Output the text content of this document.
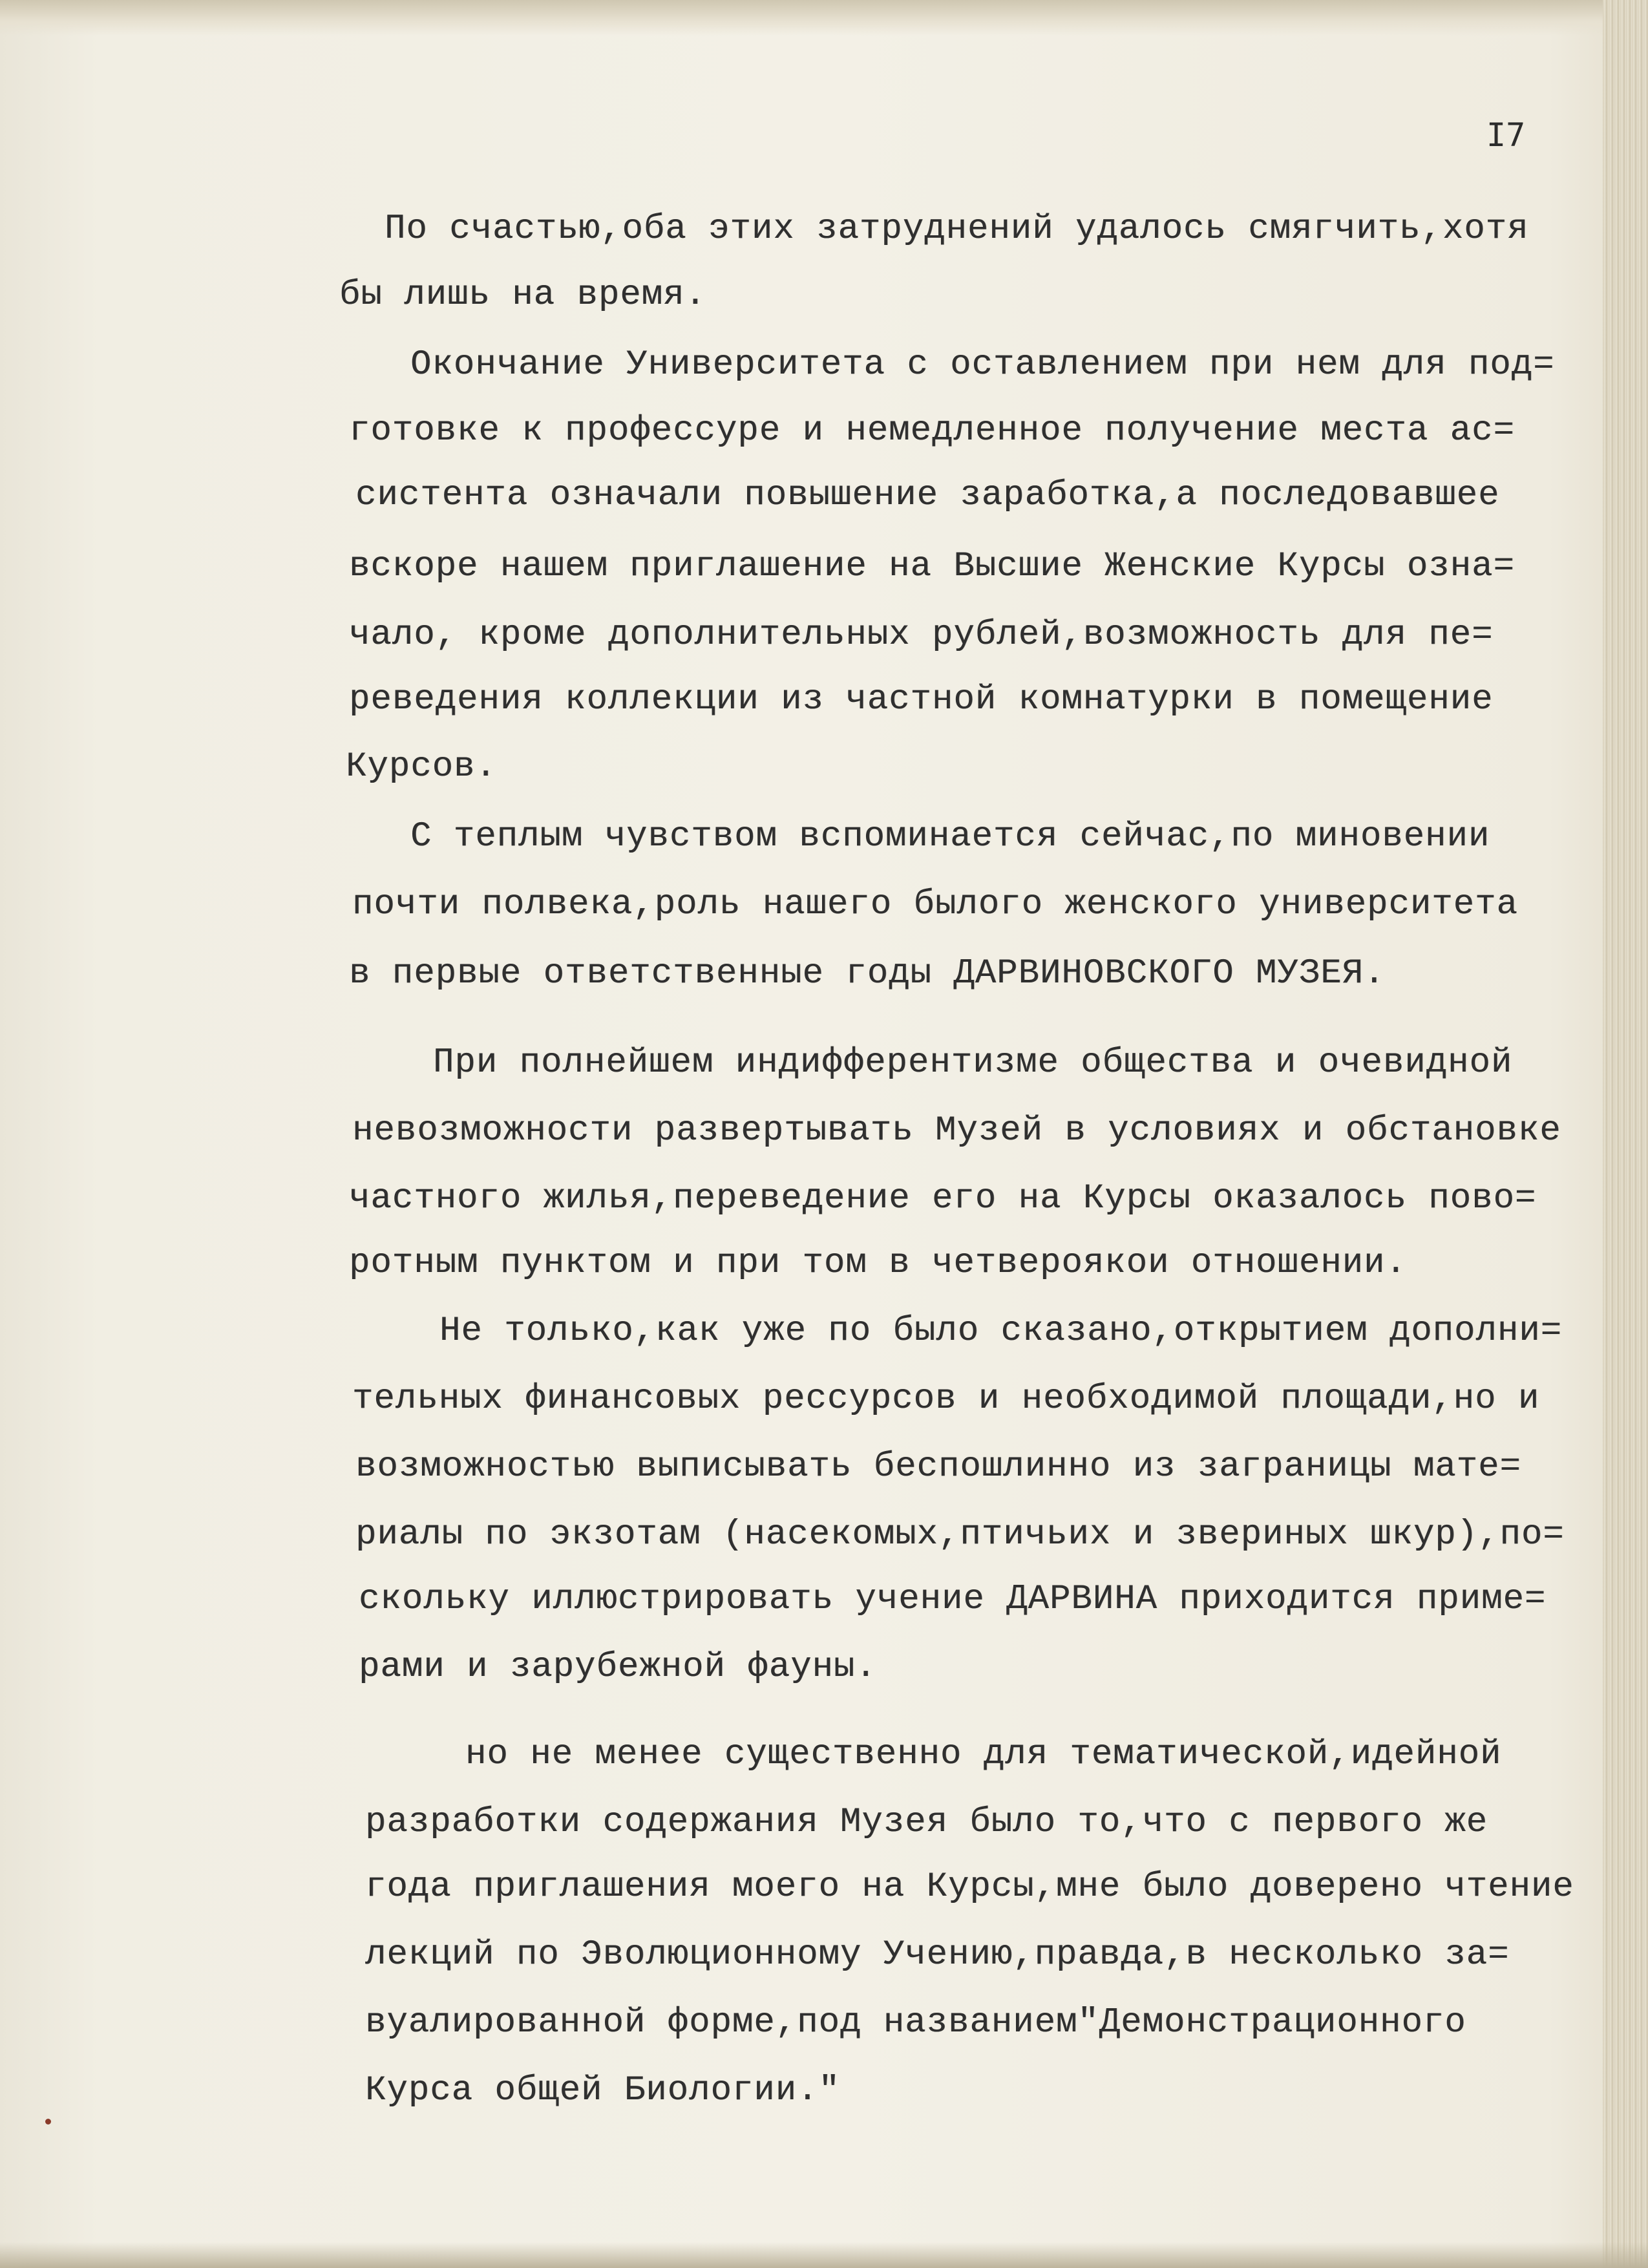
I7
По счастью,оба этих затруднений удалось смягчить,хотя
бы лишь на время.
Окончание Университета с оставлением при нем для под=
готовке к профессуре и немедленное получение места ас=
систента означали повышение заработка,а последовавшее
вскоре нашем приглашение на Высшие Женские Курсы озна=
чало, кроме дополнительных рублей,возможность для пе=
реведения коллекции из частной комнатурки в помещение
Курсов.
С теплым чувством вспоминается сейчас,по миновении
почти полвека,роль нашего былого женского университета
в первые ответственные годы ДАРВИНОВСКОГО МУЗЕЯ.
При полнейшем индифферентизме общества и очевидной
невозможности развертывать Музей в условиях и обстановке
частного жилья,переведение его на Курсы оказалось пово=
ротным пунктом и при том в четвероякои отношении.
Не только,как уже по было сказано,открытием дополни=
тельных финансовых рессурсов и необходимой площади,но и
возможностью выписывать беспошлинно из заграницы мате=
риалы по экзотам (насекомых,птичьих и звериных шкур),по=
скольку иллюстрировать учение ДАРВИНА приходится приме=
рами и зарубежной фауны.
но не менее существенно для тематической,идейной
разработки содержания Музея было то,что с первого же
года приглашения моего на Курсы,мне было доверено чтение
лекций по Эволюционному Учению,правда,в несколько за=
вуалированной форме,под названием"Демонстрационного
Курса общей Биологии."
